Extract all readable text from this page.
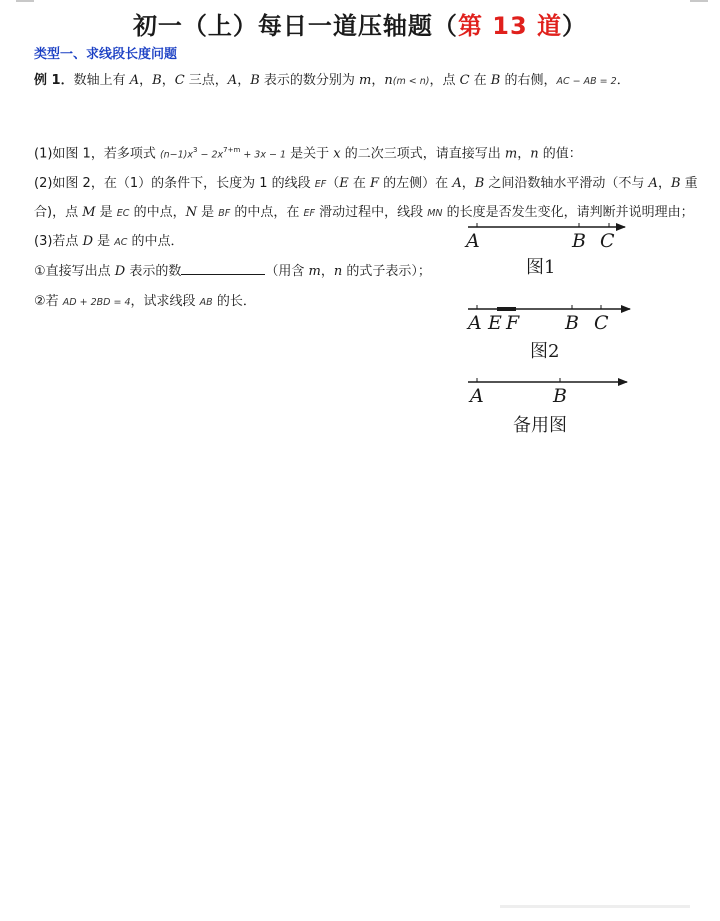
初一（上）每日一道压轴题（第 13 道）
类型一、求线段长度问题
例 1．数轴上有 A，B，C 三点，A，B 表示的数分别为 m，n(m < n)，点 C 在 B 的右侧，AC − AB = 2．
(1)如图 1，若多项式 $(n-1)x^3 - 2x^{7+m} + 3x - 1$ 是关于 x 的二次三项式，请直接写出 m，n 的值：
(2)如图 2，在（1）的条件下，长度为 1 的线段 EF（E 在 F 的左侧）在 A，B 之间沿数轴水平滑动（不与 A，B 重
合)，点 M 是 EC 的中点，N 是 BF 的中点，在 EF 滑动过程中，线段 MN 的长度是否发生变化，请判断并说明理由；
(3)若点 D 是 AC 的中点．
①直接写出点 D 表示的数	（用含 m，n 的式子表示）；
②若 AD + 2BD = 4，试求线段 AB 的长．
A	B C
图1
A E F B C
图2
A	B
备用图
